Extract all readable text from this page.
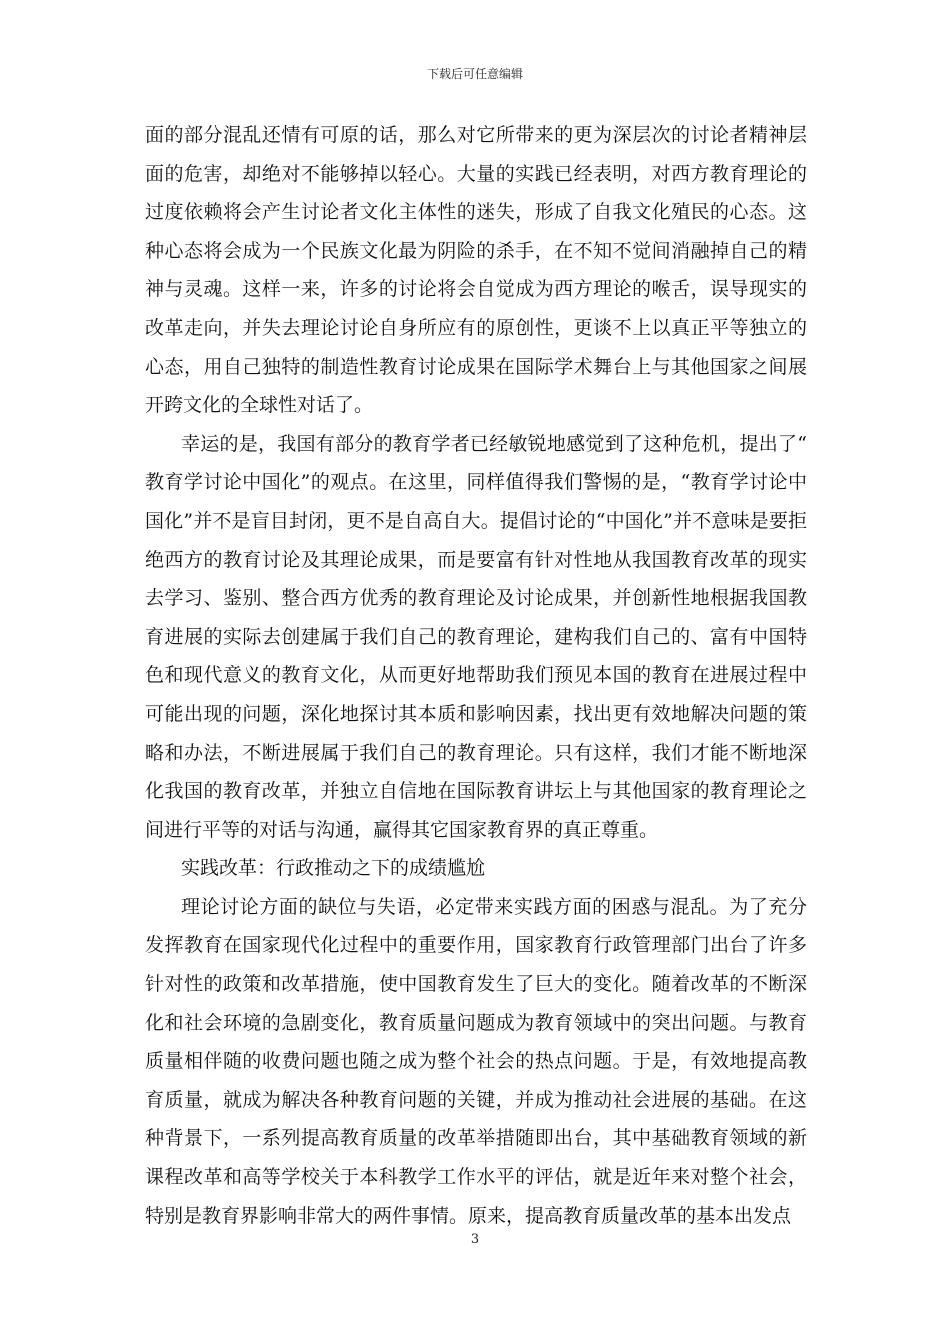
下载后可任意编辑

面的部分混乱还情有可原的话，那么对它所带来的更为深层次的讨论者精神层面的危害，却绝对不能够掉以轻心。大量的实践已经表明，对西方教育理论的过度依赖将会产生讨论者文化主体性的迷失，形成了自我文化殖民的心态。这种心态将会成为一个民族文化最为阴险的杀手，在不知不觉间消融掉自己的精神与灵魂。这样一来，许多的讨论将会自觉成为西方理论的喉舌，误导现实的改革走向，并失去理论讨论自身所应有的原创性，更谈不上以真正平等独立的心态，用自己独特的制造性教育讨论成果在国际学术舞台上与其他国家之间展开跨文化的全球性对话了。

幸运的是，我国有部分的教育学者已经敏锐地感觉到了这种危机，提出了“教育学讨论中国化”的观点。在这里，同样值得我们警惕的是，“教育学讨论中国化”并不是盲目封闭，更不是自高自大。提倡讨论的“中国化”并不意味是要拒绝西方的教育讨论及其理论成果，而是要富有针对性地从我国教育改革的现实去学习、鉴别、整合西方优秀的教育理论及讨论成果，并创新性地根据我国教育进展的实际去创建属于我们自己的教育理论，建构我们自己的、富有中国特色和现代意义的教育文化，从而更好地帮助我们预见本国的教育在进展过程中可能出现的问题，深化地探讨其本质和影响因素，找出更有效地解决问题的策略和办法，不断进展属于我们自己的教育理论。只有这样，我们才能不断地深化我国的教育改革，并独立自信地在国际教育讲坛上与其他国家的教育理论之间进行平等的对话与沟通，赢得其它国家教育界的真正尊重。

实践改革：行政推动之下的成绩尴尬

理论讨论方面的缺位与失语，必定带来实践方面的困惑与混乱。为了充分发挥教育在国家现代化过程中的重要作用，国家教育行政管理部门出台了许多针对性的政策和改革措施，使中国教育发生了巨大的变化。随着改革的不断深化和社会环境的急剧变化，教育质量问题成为教育领域中的突出问题。与教育质量相伴随的收费问题也随之成为整个社会的热点问题。于是，有效地提高教育质量，就成为解决各种教育问题的关键，并成为推动社会进展的基础。在这种背景下，一系列提高教育质量的改革举措随即出台，其中基础教育领域的新课程改革和高等学校关于本科教学工作水平的评估，就是近年来对整个社会，特别是教育界影响非常大的两件事情。原来，提高教育质量改革的基本出发点

3
